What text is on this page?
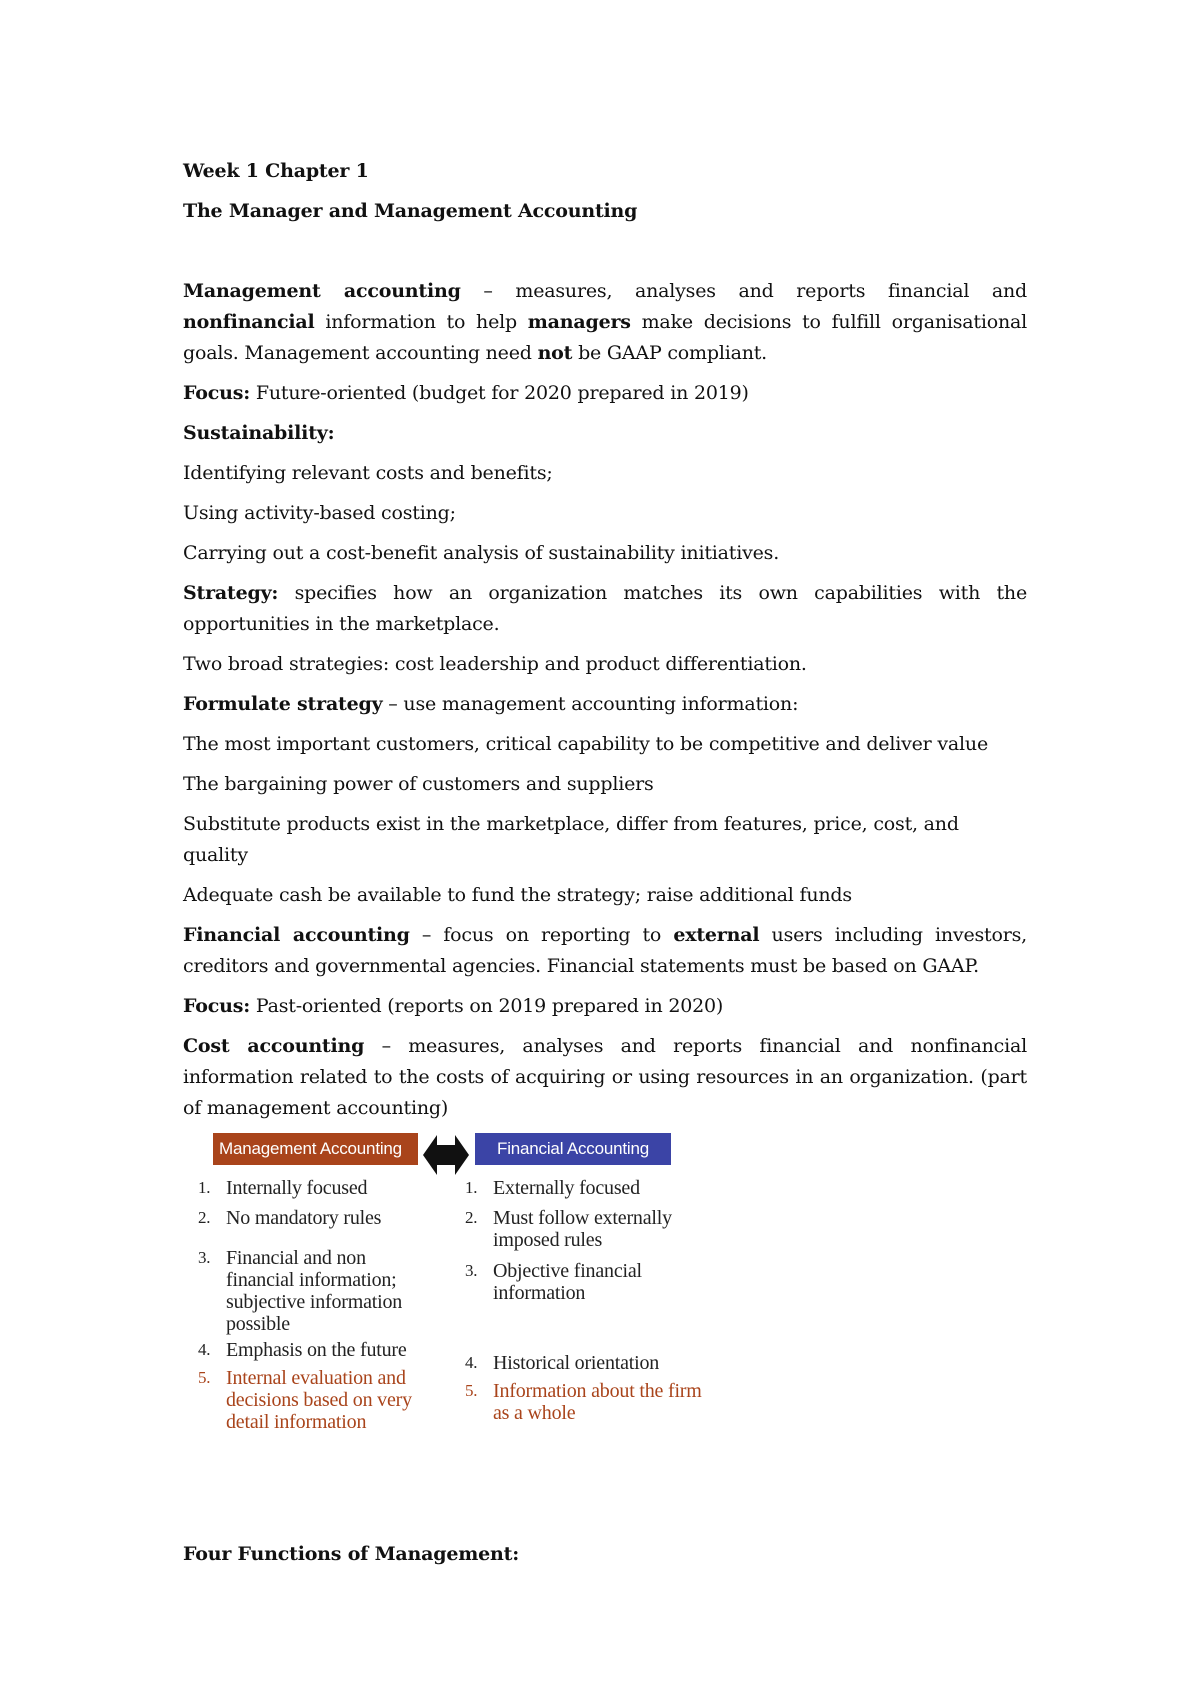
Week 1 Chapter 1
The Manager and Management Accounting

Management accounting – measures, analyses and reports financial and nonfinancial information to help managers make decisions to fulfill organisational goals. Management accounting need not be GAAP compliant.

Focus: Future-oriented (budget for 2020 prepared in 2019)

Sustainability:

Identifying relevant costs and benefits;

Using activity-based costing;

Carrying out a cost-benefit analysis of sustainability initiatives.

Strategy: specifies how an organization matches its own capabilities with the opportunities in the marketplace.

Two broad strategies: cost leadership and product differentiation.

Formulate strategy – use management accounting information:

The most important customers, critical capability to be competitive and deliver value

The bargaining power of customers and suppliers

Substitute products exist in the marketplace, differ from features, price, cost, and quality

Adequate cash be available to fund the strategy; raise additional funds

Financial accounting – focus on reporting to external users including investors, creditors and governmental agencies. Financial statements must be based on GAAP.

Focus: Past-oriented (reports on 2019 prepared in 2020)

Cost accounting – measures, analyses and reports financial and nonfinancial information related to the costs of acquiring or using resources in an organization. (part of management accounting)

Management Accounting	Financial Accounting
1. Internally focused
2. No mandatory rules
3. Financial and non financial information; subjective information possible
4. Emphasis on the future
5. Internal evaluation and decisions based on very detail information
1. Externally focused
2. Must follow externally imposed rules
3. Objective financial information
4. Historical orientation
5. Information about the firm as a whole

Four Functions of Management:
